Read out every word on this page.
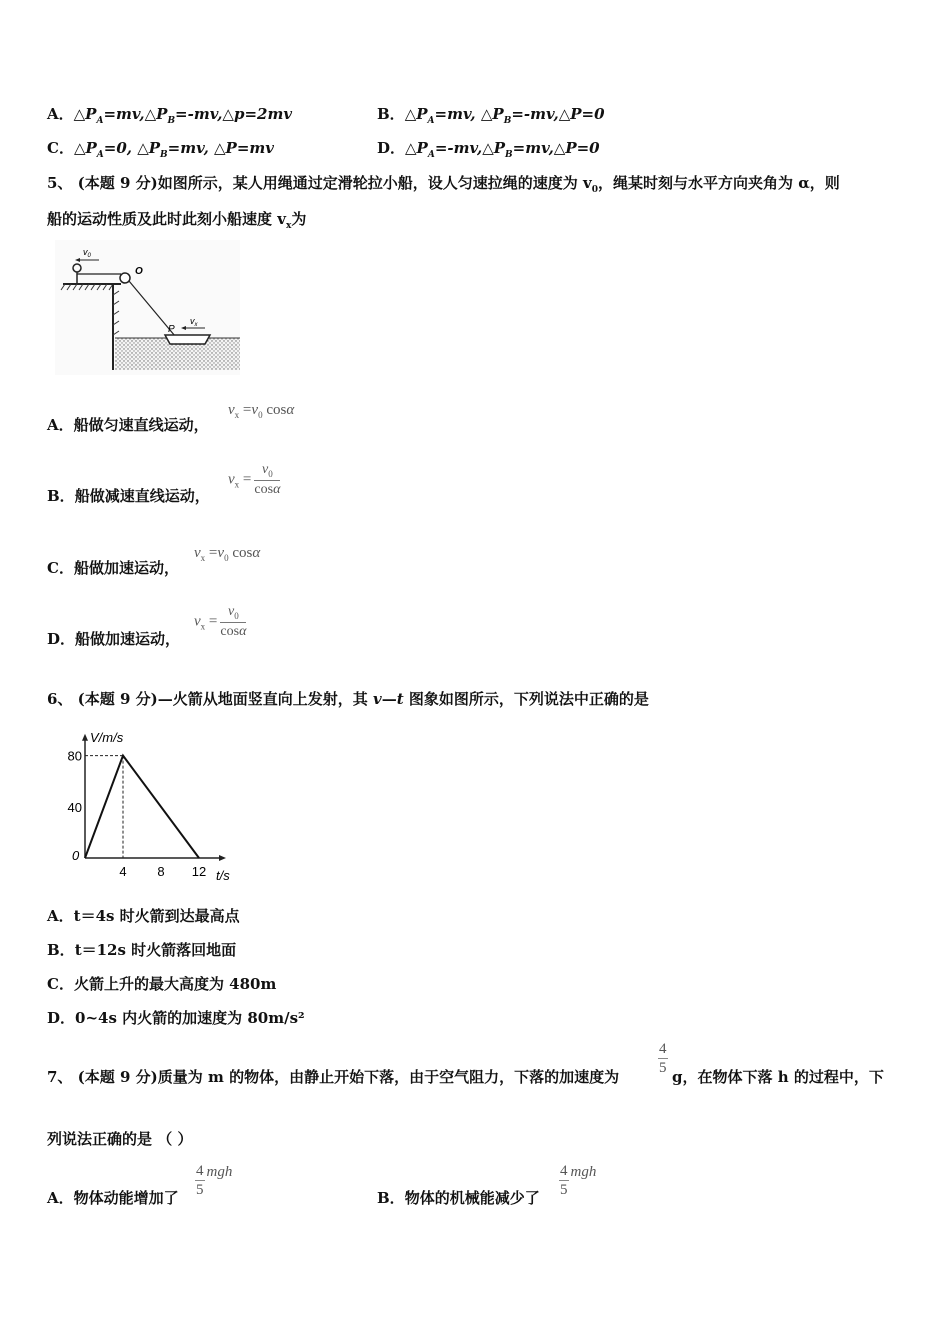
A．$\triangle P_A=mv,\triangle P_B=-mv,\triangle p=2mv$	B．$\triangle P_A=mv$, $\triangle P_B=-mv,\triangle P=0$
C．$\triangle P_A=0$, $\triangle P_B=mv$, △P=mv	D．$\triangle P_A=-mv,\triangle P_B=mv,\triangle P=0$
5、 (本题 9 分)如图所示，某人用绳通过定滑轮拉小船，设人匀速拉绳的速度为 $v_0$，绳某时刻与水平方向夹角为 α，则
船的运动性质及此时此刻小船速度 $v_x$为
$v_0$
O
P
$v_x$
A．船做匀速直线运动，
$v_x =v_0$ cosα
B．船做减速直线运动，
$v_x = \frac{v_0}{\cos\alpha}$
C．船做加速运动，
$v_x =v_0$ cosα
D．船做加速运动，
$v_x = \frac{v_0}{\cos\alpha}$
6、 (本题 9 分)—火箭从地面竖直向上发射，其 v—t 图象如图所示，下列说法中正确的是
V/m/s
t/s
0
4 8 12
40
80
A．t＝4s 时火箭到达最高点
B．t＝12s 时火箭落回地面
C．火箭上升的最大高度为 480m
D．0~4s 内火箭的加速度为 80m/s²
7、 (本题 9 分)质量为 m 的物体，由静止开始下落，由于空气阻力，下落的加速度为	$\frac{4}{5}$ g，在物体下落 h 的过程中，下
列说法正确的是 （ ）
A．物体动能增加了 $\frac{4}{5}$ mgh
B．物体的机械能减少了 $\frac{4}{5}$ mgh
